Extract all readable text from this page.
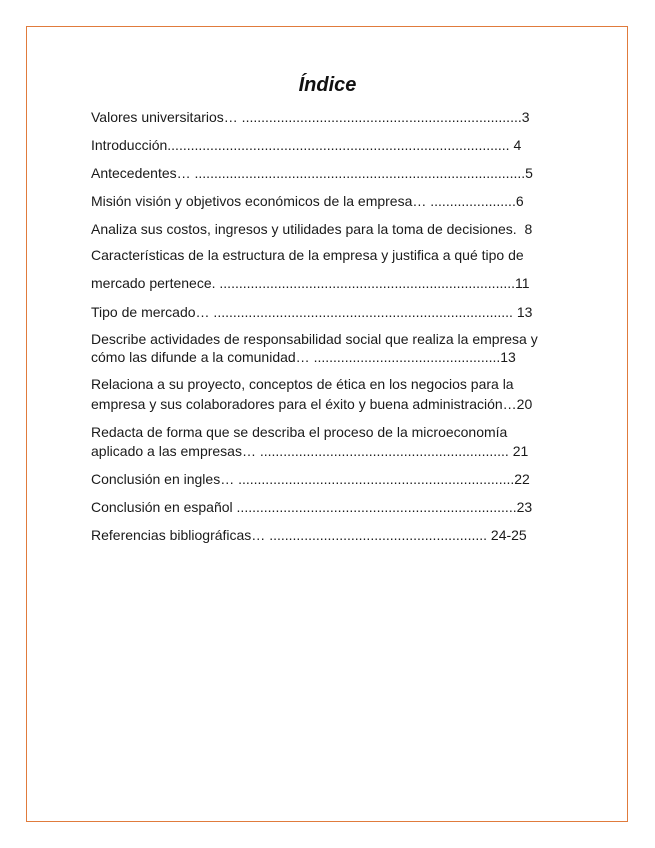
Índice
Valores universitarios… ........................................................................3
Introducción........................................................................................ 4
Antecedentes… .....................................................................................5
Misión visión y objetivos económicos de la empresa… ......................6
Analiza sus costos, ingresos y utilidades para la toma de decisiones.  8
Características de la estructura de la empresa y justifica a qué tipo de
mercado pertenece. ............................................................................11
Tipo de mercado… ............................................................................. 13
Describe actividades de responsabilidad social que realiza la empresa y
cómo las difunde a la comunidad… ................................................13
Relaciona a su proyecto, conceptos de ética en los negocios para la
empresa y sus colaboradores para el éxito y buena administración…20
Redacta de forma que se describa el proceso de la microeconomía
aplicado a las empresas… ................................................................ 21
Conclusión en ingles… .......................................................................22
Conclusión en español ........................................................................23
Referencias bibliográficas… ........................................................ 24-25
